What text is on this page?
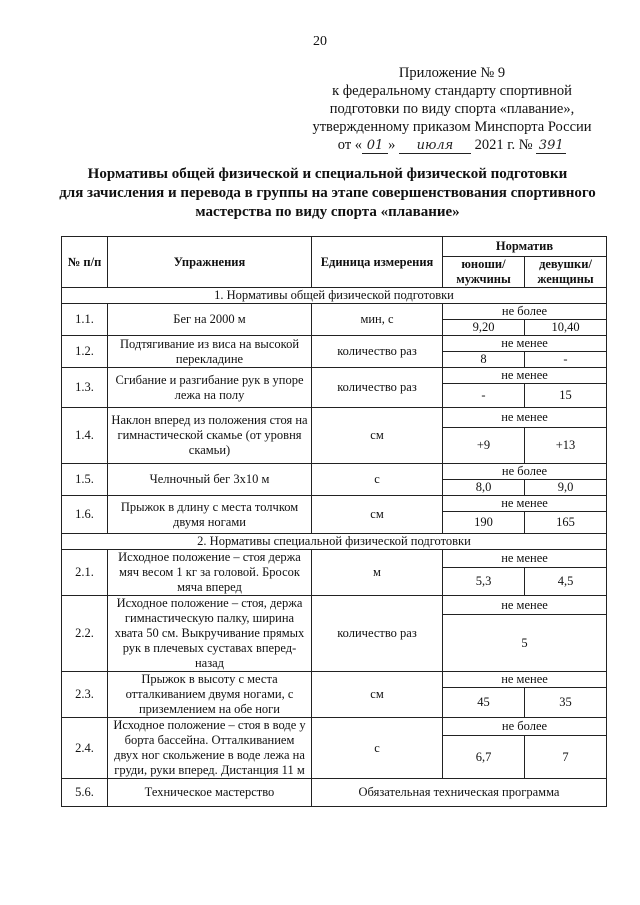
20
Приложение № 9
к федеральному стандарту спортивной
подготовки по виду спорта «плавание»,
утвержденному приказом Минспорта России
от « 01 » июля 2021 г. № 391
Нормативы общей физической и специальной физической подготовки
для зачисления и перевода в группы на этапе совершенствования спортивного
мастерства по виду спорта «плавание»
№ п/п	Упражнения	Единица измерения	Норматив	
			юноши/ мужчины	девушки/ женщины
1. Нормативы общей физической подготовки				
1.1.	Бег на 2000 м	мин, с	не более	
			9,20	10,40
1.2.	Подтягивание из виса на высокой перекладине	количество раз	не менее	
			8	-
1.3.	Сгибание и разгибание рук в упоре лежа на полу	количество раз	не менее	
			-	15
1.4.	Наклон вперед из положения стоя на гимнастической скамье (от уровня скамьи)	см	не менее	
			+9	+13
1.5.	Челночный бег 3x10 м	с	не более	
			8,0	9,0
1.6.	Прыжок в длину с места толчком двумя ногами	см	не менее	
			190	165
2. Нормативы специальной физической подготовки				
2.1.	Исходное положение – стоя держа мяч весом 1 кг за головой. Бросок мяча вперед	м	не менее	
			5,3	4,5
2.2.	Исходное положение – стоя, держа гимнастическую палку, ширина хвата 50 см. Выкручивание прямых рук в плечевых суставах вперед-назад	количество раз	не менее	
			5	
2.3.	Прыжок в высоту с места отталкиванием двумя ногами, с приземлением на обе ноги	см	не менее	
			45	35
2.4.	Исходное положение – стоя в воде у борта бассейна. Отталкиванием двух ног скольжение в воде лежа на груди, руки вперед. Дистанция 11 м	с	не более	
			6,7	7
5.6.	Техническое мастерство	Обязательная техническая программа		
